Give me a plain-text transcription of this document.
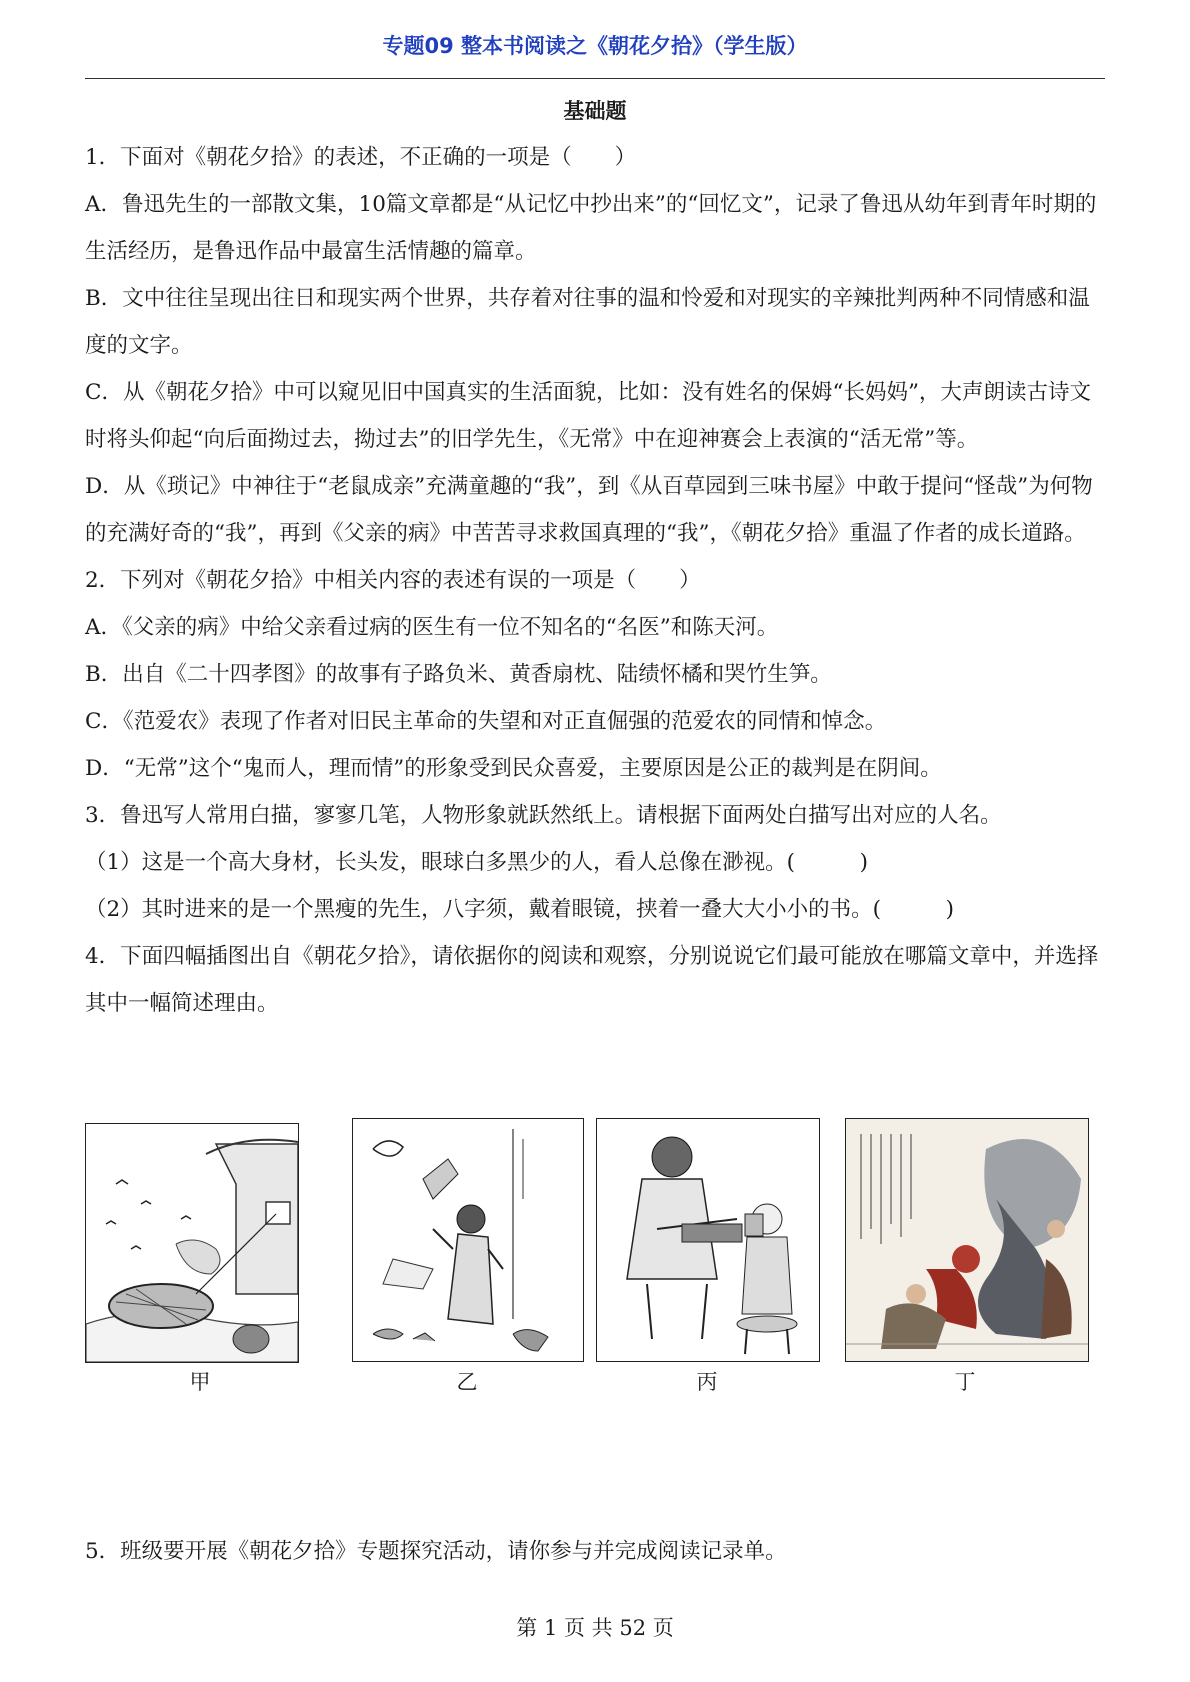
专题09 整本书阅读之《朝花夕拾》（学生版）
基础题

1．下面对《朝花夕拾》的表述，不正确的一项是（　　）

A．鲁迅先生的一部散文集，10篇文章都是“从记忆中抄出来”的“回忆文”，记录了鲁迅从幼年到青年时期的生活经历，是鲁迅作品中最富生活情趣的篇章。

B．文中往往呈现出往日和现实两个世界，共存着对往事的温和怜爱和对现实的辛辣批判两种不同情感和温度的文字。

C．从《朝花夕拾》中可以窥见旧中国真实的生活面貌，比如：没有姓名的保姆“长妈妈”，大声朗读古诗文时将头仰起“向后面拗过去，拗过去”的旧学先生，《无常》中在迎神赛会上表演的“活无常”等。

D．从《琐记》中神往于“老鼠成亲”充满童趣的“我”，到《从百草园到三味书屋》中敢于提问“怪哉”为何物的充满好奇的“我”，再到《父亲的病》中苦苦寻求救国真理的“我”，《朝花夕拾》重温了作者的成长道路。

2．下列对《朝花夕拾》中相关内容的表述有误的一项是（　　）

A．《父亲的病》中给父亲看过病的医生有一位不知名的“名医”和陈天河。

B．出自《二十四孝图》的故事有子路负米、黄香扇枕、陆绩怀橘和哭竹生笋。

C．《范爱农》表现了作者对旧民主革命的失望和对正直倔强的范爱农的同情和悼念。

D．“无常”这个“鬼而人，理而情”的形象受到民众喜爱，主要原因是公正的裁判是在阴间。

3．鲁迅写人常用白描，寥寥几笔，人物形象就跃然纸上。请根据下面两处白描写出对应的人名。

（1）这是一个高大身材，长头发，眼球白多黑少的人，看人总像在渺视。(　　　)

（2）其时进来的是一个黑瘦的先生，八字须，戴着眼镜，挟着一叠大大小小的书。(　　　)

4．下面四幅插图出自《朝花夕拾》，请依据你的阅读和观察，分别说说它们最可能放在哪篇文章中，并选择其中一幅简述理由。

甲	乙	丙	丁
5．班级要开展《朝花夕拾》专题探究活动，请你参与并完成阅读记录单。
第 1 页 共 52 页
